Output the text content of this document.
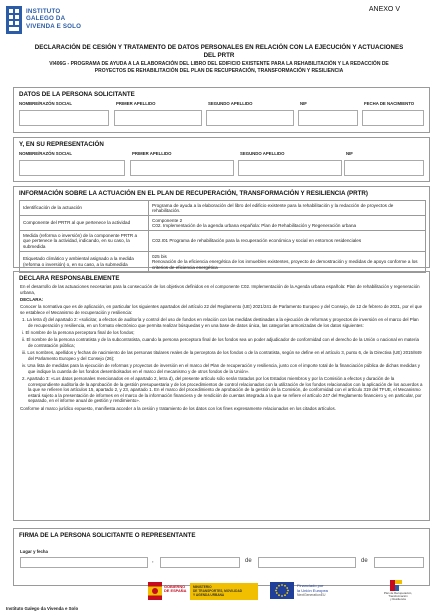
INSTITUTO
GALEGO DA
VIVENDA E SOLO
ANEXO V
DECLARACIÓN DE CESIÓN Y TRATAMENTO DE DATOS PERSONALES EN RELACIÓN CON LA EJECUCIÓN Y ACTUACIONES
DEL PRTR
VI406G - PROGRAMA DE AYUDA A LA ELABORACIÓN DEL LIBRO DEL EDIFICIO EXISTENTE PARA LA REHABILITACIÓN Y LA REDACCIÓN DE
PROYECTOS DE REHABILITACIÓN DEL PLAN DE RECUPERACIÓN, TRANSFORMACIÓN Y RESILIENCIA
DATOS DE LA PERSONA SOLICITANTE
NOMBRE/RAZÓN SOCIAL	PRIMER APELLIDO	SEGUNDO APELLIDO	NIF	FECHA DE NACIMIENTO
Y, EN SU REPRESENTACIÓN
NOMBRE/RAZÓN SOCIAL	PRIMER APELLIDO	SEGUNDO APELLIDO	NIF
INFORMACIÓN SOBRE LA ACTUACIÓN EN EL PLAN DE RECUPERACIÓN, TRANSFORMACIÓN Y RESILIENCIA (PRTR)
Identificación de la actuación	Programa de ayuda a la elaboración del libro del edificio existente para la rehabilitación y la redacción de proyectos de rehabilitación.
Componente del PRTR al que pertenece la actividad	Componente 2
C02. Implementación de la agenda urbana española: Plan de Rehabilitación y Regeneración urbana
Medida (reforma o inversión) de la componente PRTR a que pertenece la actividad, indicando, en su caso, la submedida	C02.I01 Programa de rehabilitación para la recuperación económica y social en entornos residenciales
Etiquetado climático y ambiental asignado a la medida (reforma o inversión) o, en su caso, a la submedida	025 bis
Renovación de la eficiencia energética de los inmuebles existentes, proyecto de demostración y medidas de apoyo conforme a los criterios de eficiencia energética
DECLARA RESPONSABLEMENTE

En el desarrollo de las actuaciones necesarias para la consecución de los objetivos definidos en el componente C02. Implementación de la Agenda urbana española: Plan de rehabilitación y regeneración urbana,

DECLARA:

Conocer la normativa que es de aplicación, en particular los siguientes apartados del artículo 22 del Reglamento (UE) 2021/241 de Parlamento Europeo y del Consejo, de 12 de febrero de 2021, por el que se establece el Mecanismo de recuperación y resiliencia:

1. La letra d) del apartado 2: «solicitar, a efectos de auditoría y control del uso de fondos en relación con las medidas destinadas a la ejecución de reformas y proyectos de inversión en el marco del Plan de recuperación y resiliencia, en un formato electrónico que permita realizar búsquedas y en una base de datos única, las categorías armonizadas de los datos siguientes:

i. El nombre de la persona perceptora final de los fondos;

ii. El nombre de la persona contratista y de la subcontratista, cuando la persona perceptora final de los fondos sea un poder adjudicador de conformidad con el derecho de la Unión o nacional en materia de contratación pública;

iii. Los nombres, apellidos y fechas de nacimiento de las personas titulares reales de la perceptora de los fondos o de la contratista, según se define en el artículo 3, punto 6, de la Directiva (UE) 2015/849 del Parlamento Europeo y del Consejo (26);

iv. Una lista de medidas para la ejecución de reformas y proyectos de inversión en el marco del Plan de recuperación y resiliencia, junto con el importe total de la financiación pública de dichas medidas y que indique la cuantía de los fondos desembolsados en el marco del mecanismo y de otros fondos de la Unión».

2. Apartado 3: «Los datos personales mencionados en el apartado 2, letra d), del presente artículo sólo serán tratados por los Estados miembros y por la Comisión a efectos y duración de la correspondiente auditoría de la aprobación de la gestión presupuestaria y de los procedimientos de control relacionados con la utilización de los fondos relacionados con la aplicación de los acuerdos a la que se refieren los artículos 15, apartado 2, y 23, apartado 1. En el marco del procedimiento de aprobación de la gestión de la Comisión, de conformidad con el artículo 319 del TFUE, el Mecanismo estará sujeto a la presentación de informes en el marco de la información financiera y de rendición de cuentas integrada a la que se refiere el artículo 247 del Reglamento financiero y, en particular, por separado, en el informe anual de gestión y rendimiento».

Conforme al marco jurídico expuesto, manifiesta acceder a la cesión y tratamiento de los datos con los fines expresamente relacionados en los citados artículos.

FIRMA DE LA PERSONA SOLICITANTE O REPRESENTANTE
Lugar y fecha
,	de	de
GOBIERNO
DE ESPAÑA
MINISTERIO
DE TRANSPORTES, MOVILIDAD
Y AGENDA URBANA
Financiado por
la Unión Europea
NextGenerationEU	Plan de Recuperación,
Transformación
y Resiliencia
Instituto Galego da Vivenda e Solo
